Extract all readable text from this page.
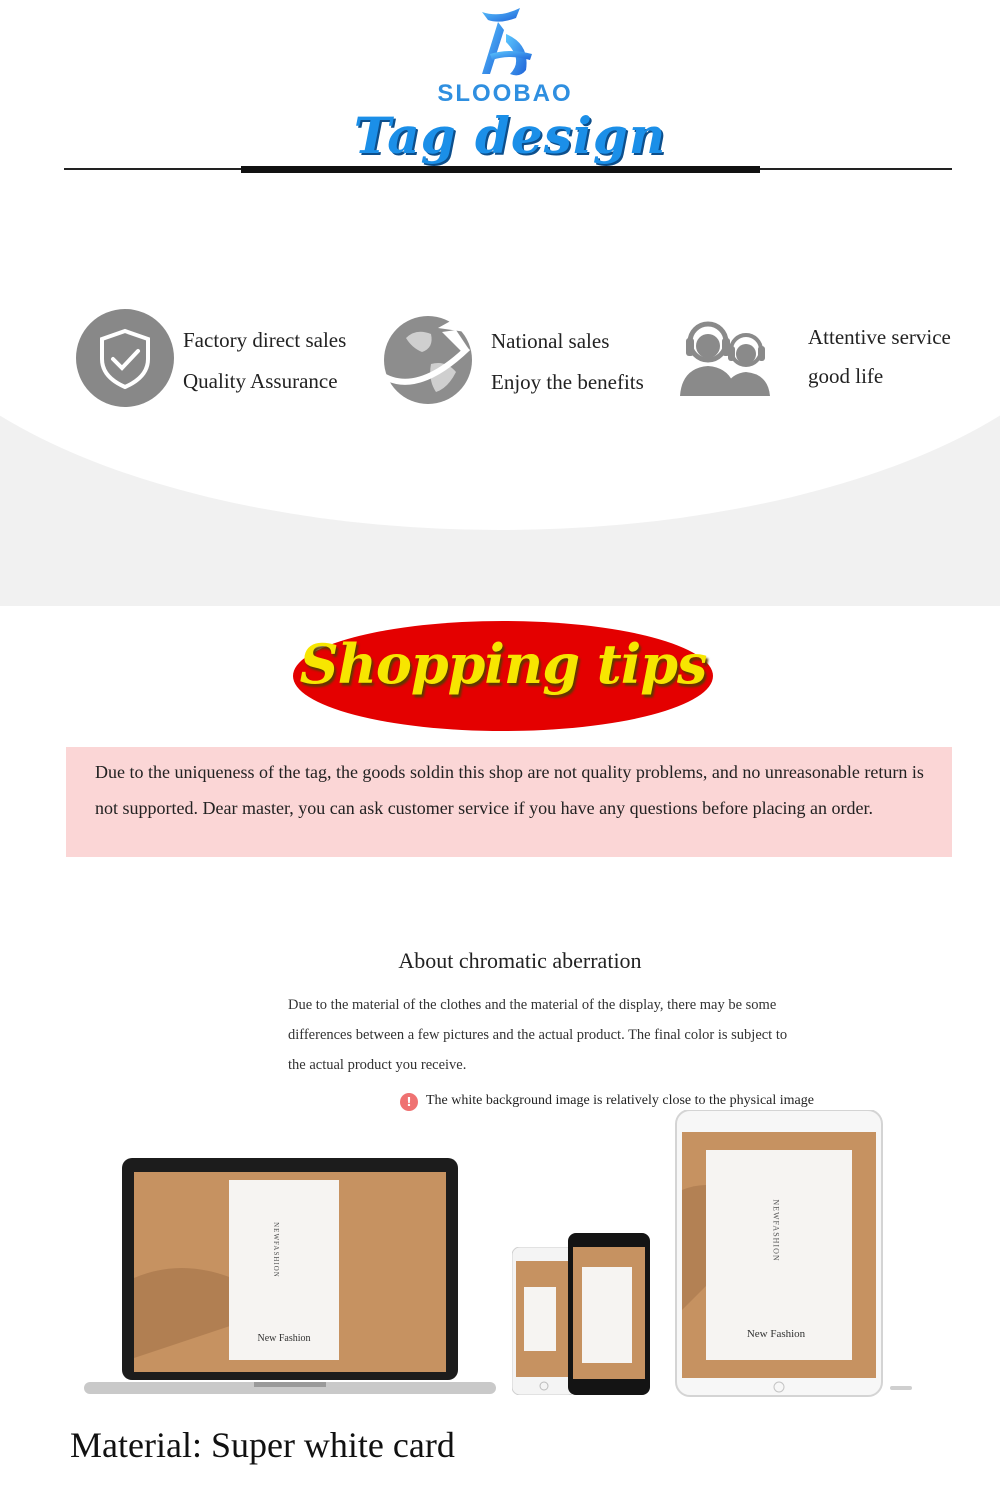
SLOOBAO
Tag design
Factory direct sales
Quality Assurance
National sales
Enjoy the benefits
Attentive service
good life
Shopping tips
Due to the uniqueness of the tag, the goods soldin this shop are not quality problems, and no unreasonable return is not supported. Dear master, you can ask customer service if you have any questions before placing an order.
About chromatic aberration
Due to the material of the clothes and the material of the display, there may be some differences between a few pictures and the actual product. The final color is subject to the actual product you receive.
!	The white background image is relatively close to the physical image
New Fashion
NEWFASHION
New Fashion
NEWFASHION
Material: Super white card
